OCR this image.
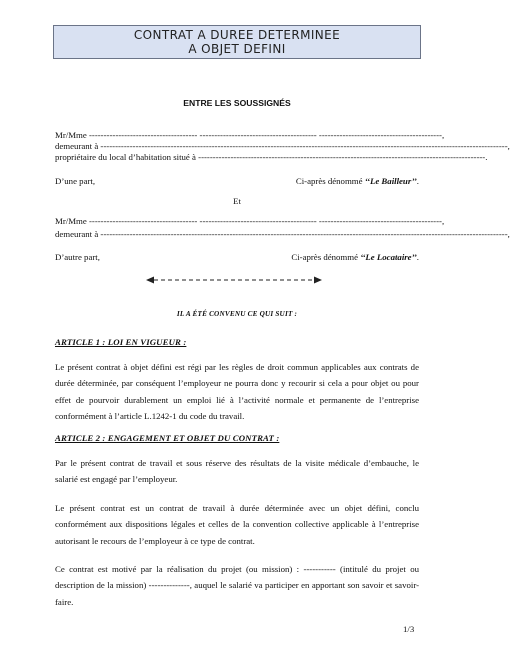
CONTRAT A DUREE DETERMINEE
A OBJET DEFINI
ENTRE LES SOUSSIGNÉS
Mr/Mme ------------------------------------- ---------------------------------------- ------------------------------------------,
demeurant à -------------------------------------------------------------------------------------------------------------------------------------------,
propriétaire du local d’habitation situé à --------------------------------------------------------------------------------------------------.
D’une part,	Ci-après dénommé ‘‘Le Bailleur’’.
Et
Mr/Mme ------------------------------------- ---------------------------------------- ------------------------------------------,
demeurant à -------------------------------------------------------------------------------------------------------------------------------------------,
D’autre part,	Ci-après dénommé ‘‘Le Locataire’’.
IL A ÉTÉ CONVENU CE QUI SUIT :
ARTICLE 1 : LOI EN VIGUEUR :

Le présent contrat à objet défini est régi par les règles de droit commun applicables aux contrats de durée déterminée, par conséquent l’employeur ne pourra donc y recourir si cela a pour objet ou pour effet de pourvoir durablement un emploi lié à l’activité normale et permanente de l’entreprise conformément à l’article L.1242-1 du code du travail.

ARTICLE 2 : ENGAGEMENT ET OBJET DU CONTRAT :

Par le présent contrat de travail et sous réserve des résultats de la visite médicale d’embauche, le salarié est engagé par l’employeur.

Le présent contrat est un contrat de travail à durée déterminée avec un objet défini, conclu conformément aux dispositions légales et celles de la convention collective applicable à l’entreprise autorisant le recours de l’employeur à ce type de contrat.

Ce contrat est motivé par la réalisation du projet (ou mission) : ----------- (intitulé du projet ou description de la mission) --------------, auquel le salarié va participer en apportant son savoir et savoir-faire.

1/3
